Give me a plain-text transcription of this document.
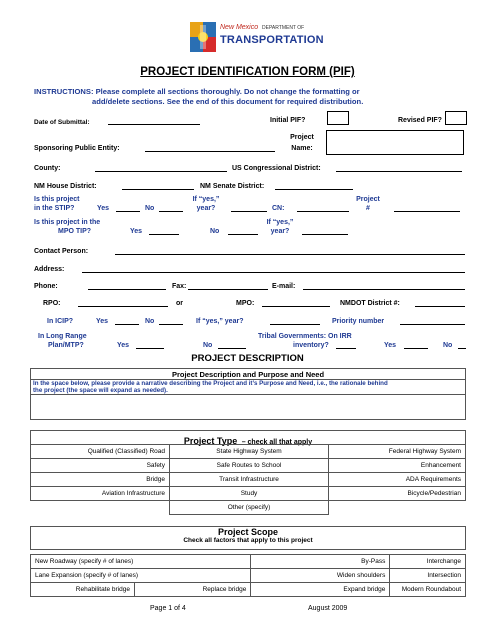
New Mexico DEPARTMENT OF
TRANSPORTATION
PROJECT IDENTIFICATION FORM (PIF)
INSTRUCTIONS: Please complete all sections thoroughly. Do not change the formatting or
add/delete sections. See the end of this document for required distribution.
Date of Submittal:	Initial PIF?	Revised PIF?
Sponsoring Public Entity:
Project
Name:
County:	US Congressional District:
NM House District:	NM Senate District:
Is this project
in the STIP?	Yes	No
If “yes,”
year?	CN:
Project
#
Is this project in the
MPO TIP?	Yes	No
If “yes,”
year?
Contact Person:
Address:
Phone:	Fax:	E-mail:
RPO:	or	MPO:	NMDOT District #:
In ICIP?	Yes	No	If “yes,” year?	Priority number
In Long Range
Plan/MTP?	Yes	No
Tribal Governments: On IRR
inventory?	Yes	No
PROJECT DESCRIPTION
Project Description and Purpose and Need
In the space below, please provide a narrative describing the Project and it’s Purpose and Need, i.e., the rationale behind
the project (the space will expand as needed).
Project Type – check all that apply
Qualified (Classified) Road	State Highway System	Federal Highway System
Safety	Safe Routes to School	Enhancement
Bridge	Transit Infrastructure	ADA Requirements
Aviation Infrastructure	Study	Bicycle/Pedestrian
	Other (specify)	
Project Scope
Check all factors that apply to this project
New Roadway (specify # of lanes)		By-Pass	Interchange
Lane Expansion (specify # of lanes)		Widen shoulders	Intersection
Rehabilitate bridge	Replace bridge	Expand bridge	Modern Roundabout
Page 1 of 4	August 2009
